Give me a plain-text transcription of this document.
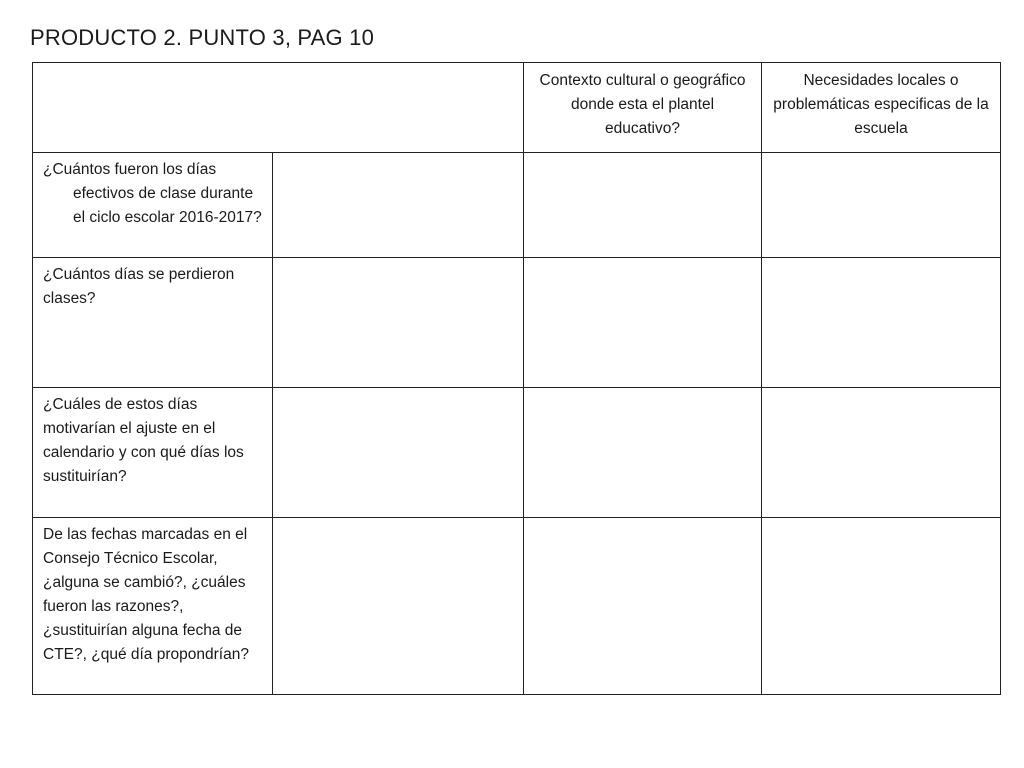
PRODUCTO 2. PUNTO 3, PAG 10
		Contexto cultural o geográfico donde esta el plantel educativo?	Necesidades locales o problemáticas especificas de la escuela
¿Cuántos fueron los días efectivos de clase durante el ciclo escolar 2016-2017?			
¿Cuántos días se perdieron clases?			
¿Cuáles de estos días motivarían el ajuste en el calendario y con qué días los sustituirían?			
De las fechas marcadas en el Consejo Técnico Escolar, ¿alguna se cambió?, ¿cuáles fueron las razones?, ¿sustituirían alguna fecha de CTE?, ¿qué día propondrían?			
